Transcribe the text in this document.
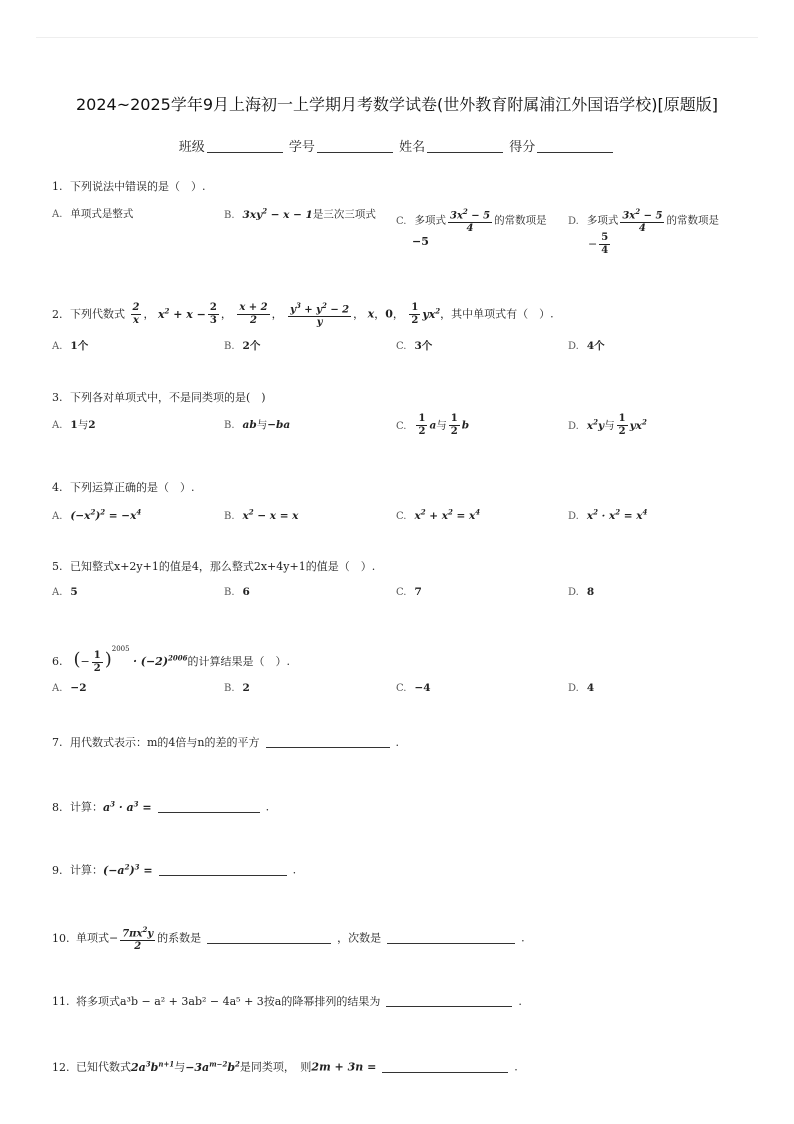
2024~2025学年9月上海初一上学期月考数学试卷(世外教育附属浦江外国语学校)[原题版]
班级	学号	姓名	得分
1. 下列说法中错误的是（　）.
A. 单项式是整式	B. $3xy^2 - x - 1$是三次三项式
C. 多项式 $\frac{3x^2 - 5}{4}$ 的常数项是 D. 多项式 $\frac{3x^2 - 5}{4}$ 的常数项是
−5	− $\frac{5}{4}$
2. 下列代数式 $\frac{2}{x}$ ， $x^2 + x - \frac{2}{3}$ ， $\frac{x + 2}{2}$ ， $\frac{y^3 + y^2 - 2}{y}$ ， x，0， $\frac{1}{2} yx^2$，其中单项式有（　）.
A. 1个	B. 2个	C. 3个	D. 4个
3. 下列各对单项式中，不是同类项的是(　)
A. 1与2	B. ab与−ba	C. $\frac{1}{2}$ a与 $\frac{1}{2}$ b	D. $x^2y$与 $\frac{1}{2} yx^2$
4. 下列运算正确的是（　）.
A. $(-x^2)^2 = -x^4$	B. $x^2 - x = x$	C. $x^2 + x^2 = x^4$	D. $x^2 \cdot x^2 = x^4$
5. 已知整式x+2y+1的值是4，那么整式2x+4y+1的值是（　）.
A. 5	B. 6	C. 7	D. 8
6. (− $\frac{1}{2} )^{2005} \cdot (-2)^{2006}$的计算结果是（　）.
A. −2	B. 2	C. −4	D. 4
7. 用代数式表示：m的4倍与n的差的平方	.
8. 计算：$a^3 \cdot a^3$ =	.
9. 计算：$(-a^2)^3$ =	.
10. 单项式− $\frac{7\pi x^2y}{2}$ 的系数是	，次数是	.
11. 将多项式a³b − a² + 3ab² − 4a⁵ + 3按a的降幂排列的结果为	.
12. 已知代数式$2a^3b^{n+1}$与$-3a^{m-2}b^2$是同类项，　则2m + 3n =	.
